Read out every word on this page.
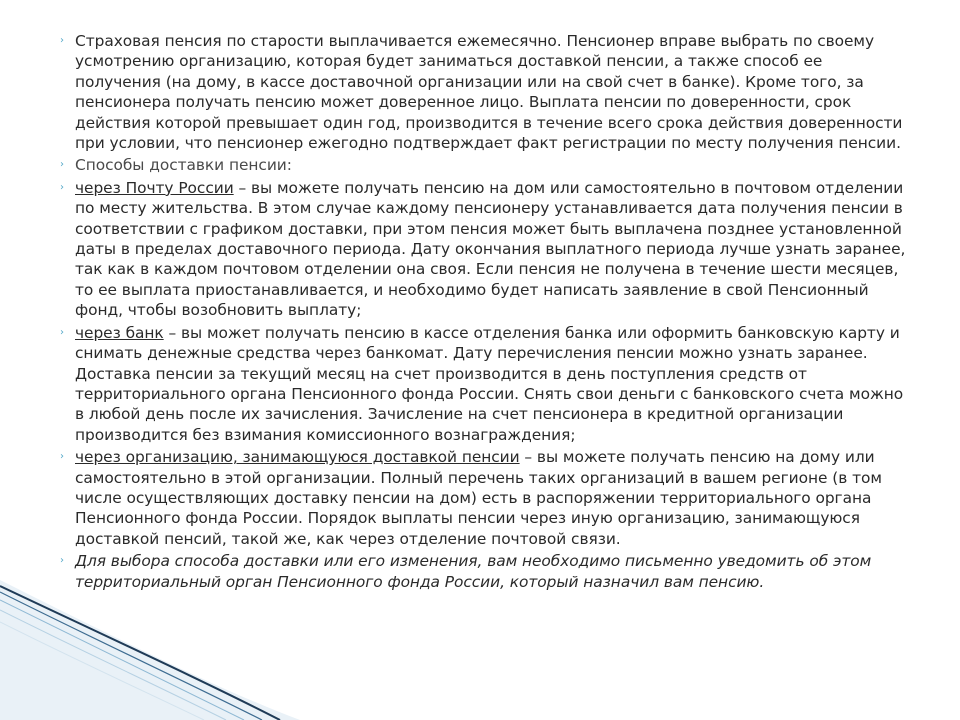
› Страховая пенсия по старости выплачивается ежемесячно. Пенсионер вправе выбрать по своему усмотрению организацию, которая будет заниматься доставкой пенсии, а также способ ее получения (на дому, в кассе доставочной организации или на свой счет в банке). Кроме того, за пенсионера получать пенсию может доверенное лицо. Выплата пенсии по доверенности, срок действия которой превышает один год, производится в течение всего срока действия доверенности при условии, что пенсионер ежегодно подтверждает факт регистрации по месту получения пенсии.

› Способы доставки пенсии:

› через Почту России – вы можете получать пенсию на дом или самостоятельно в почтовом отделении по месту жительства. В этом случае каждому пенсионеру устанавливается дата получения пенсии в соответствии с графиком доставки, при этом пенсия может быть выплачена позднее установленной даты в пределах доставочного периода. Дату окончания выплатного периода лучше узнать заранее, так как в каждом почтовом отделении она своя. Если пенсия не получена в течение шести месяцев, то ее выплата приостанавливается, и необходимо будет написать заявление в свой Пенсионный фонд, чтобы возобновить выплату;

› через банк – вы может получать пенсию в кассе отделения банка или оформить банковскую карту и снимать денежные средства через банкомат. Дату перечисления пенсии можно узнать заранее. Доставка пенсии за текущий месяц на счет производится в день поступления средств от территориального органа Пенсионного фонда России. Снять свои деньги с банковского счета можно в любой день после их зачисления. Зачисление на счет пенсионера в кредитной организации производится без взимания комиссионного вознаграждения;

› через организацию, занимающуюся доставкой пенсии – вы можете получать пенсию на дому или самостоятельно в этой организации. Полный перечень таких организаций в вашем регионе (в том числе осуществляющих доставку пенсии на дом) есть в распоряжении территориального органа Пенсионного фонда России. Порядок выплаты пенсии через иную организацию, занимающуюся доставкой пенсий, такой же, как через отделение почтовой связи.

› Для выбора способа доставки или его изменения, вам необходимо письменно уведомить об этом территориальный орган Пенсионного фонда России, который назначил вам пенсию.
